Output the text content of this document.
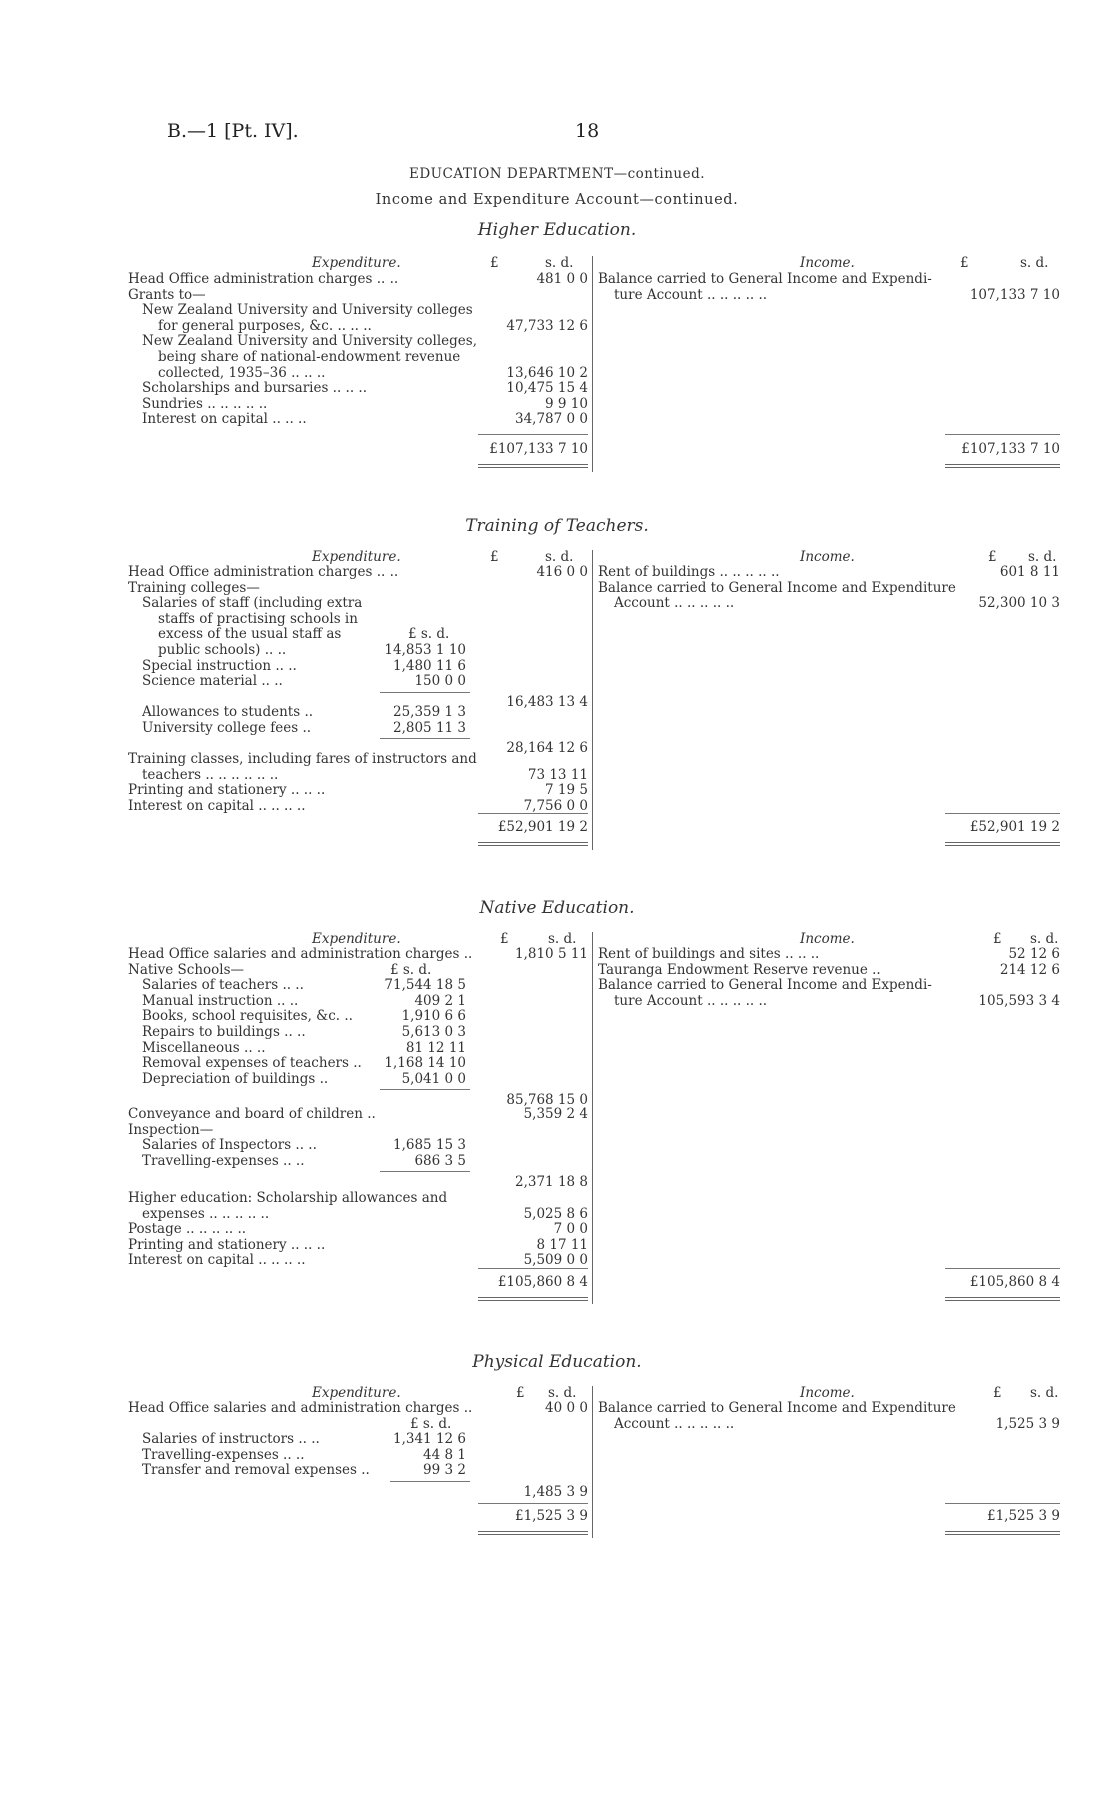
B.—1 [Pt. IV].	18
EDUCATION DEPARTMENT—continued.
Income and Expenditure Account—continued.
Higher Education.
Expenditure.	£	s. d.	Income.	£	s. d.
Head Office administration charges .. ..	481 0 0
Grants to—
New Zealand University and University colleges
for general purposes, &c. .. .. ..	47,733 12 6
New Zealand University and University colleges,
being share of national-endowment revenue
collected, 1935–36 .. .. ..	13,646 10 2
Scholarships and bursaries .. .. ..	10,475 15 4
Sundries .. .. .. .. ..	9 9 10
Interest on capital .. .. ..	34,787 0 0
£107,133 7 10
Balance carried to General Income and Expendi-
ture Account .. .. .. .. ..	107,133 7 10
£107,133 7 10
Training of Teachers.
Expenditure.	£	s. d.	Income.	£ s. d.
Head Office administration charges .. ..	416 0 0
Training colleges—
Salaries of staff (including extra
staffs of practising schools in
excess of the usual staff as	£ s. d.
public schools) .. ..	14,853 1 10
Special instruction .. ..	1,480 11 6
Science material .. ..	150 0 0
16,483 13 4
Allowances to students ..	25,359 1 3
University college fees ..	2,805 11 3
28,164 12 6
Training classes, including fares of instructors and
teachers .. .. .. .. .. ..	73 13 11
Printing and stationery .. .. ..	7 19 5
Interest on capital .. .. .. ..	7,756 0 0
£52,901 19 2
Rent of buildings .. .. .. .. ..	601 8 11
Balance carried to General Income and Expenditure
Account .. .. .. .. ..	52,300 10 3
£52,901 19 2
Native Education.
Expenditure.	£	s. d.	Income.	£ s. d.
Head Office salaries and administration charges ..	1,810 5 11
Native Schools—	£ s. d.
Salaries of teachers .. ..	71,544 18 5
Manual instruction .. ..	409 2 1
Books, school requisites, &c. ..	1,910 6 6
Repairs to buildings .. ..	5,613 0 3
Miscellaneous .. ..	81 12 11
Removal expenses of teachers .. 1,168 14 10
Depreciation of buildings ..	5,041 0 0
85,768 15 0
Conveyance and board of children ..	5,359 2 4
Inspection—
Salaries of Inspectors .. ..	1,685 15 3
Travelling-expenses .. ..	686 3 5
2,371 18 8
Higher education: Scholarship allowances and
expenses .. .. .. .. ..	5,025 8 6
Postage .. .. .. .. ..	7 0 0
Printing and stationery .. .. ..	8 17 11
Interest on capital .. .. .. ..	5,509 0 0
£105,860 8 4
Rent of buildings and sites .. .. ..	52 12 6
Tauranga Endowment Reserve revenue ..	214 12 6
Balance carried to General Income and Expendi-
ture Account .. .. .. .. ..	105,593 3 4
£105,860 8 4
Physical Education.
Expenditure.	£ s. d.	Income.	£ s. d.
Head Office salaries and administration charges ..	40 0 0
£ s. d.
Salaries of instructors .. ..	1,341 12 6
Travelling-expenses .. ..	44 8 1
Transfer and removal expenses ..	99 3 2
1,485 3 9
£1,525 3 9
Balance carried to General Income and Expenditure
Account .. .. .. .. ..	1,525 3 9
£1,525 3 9
